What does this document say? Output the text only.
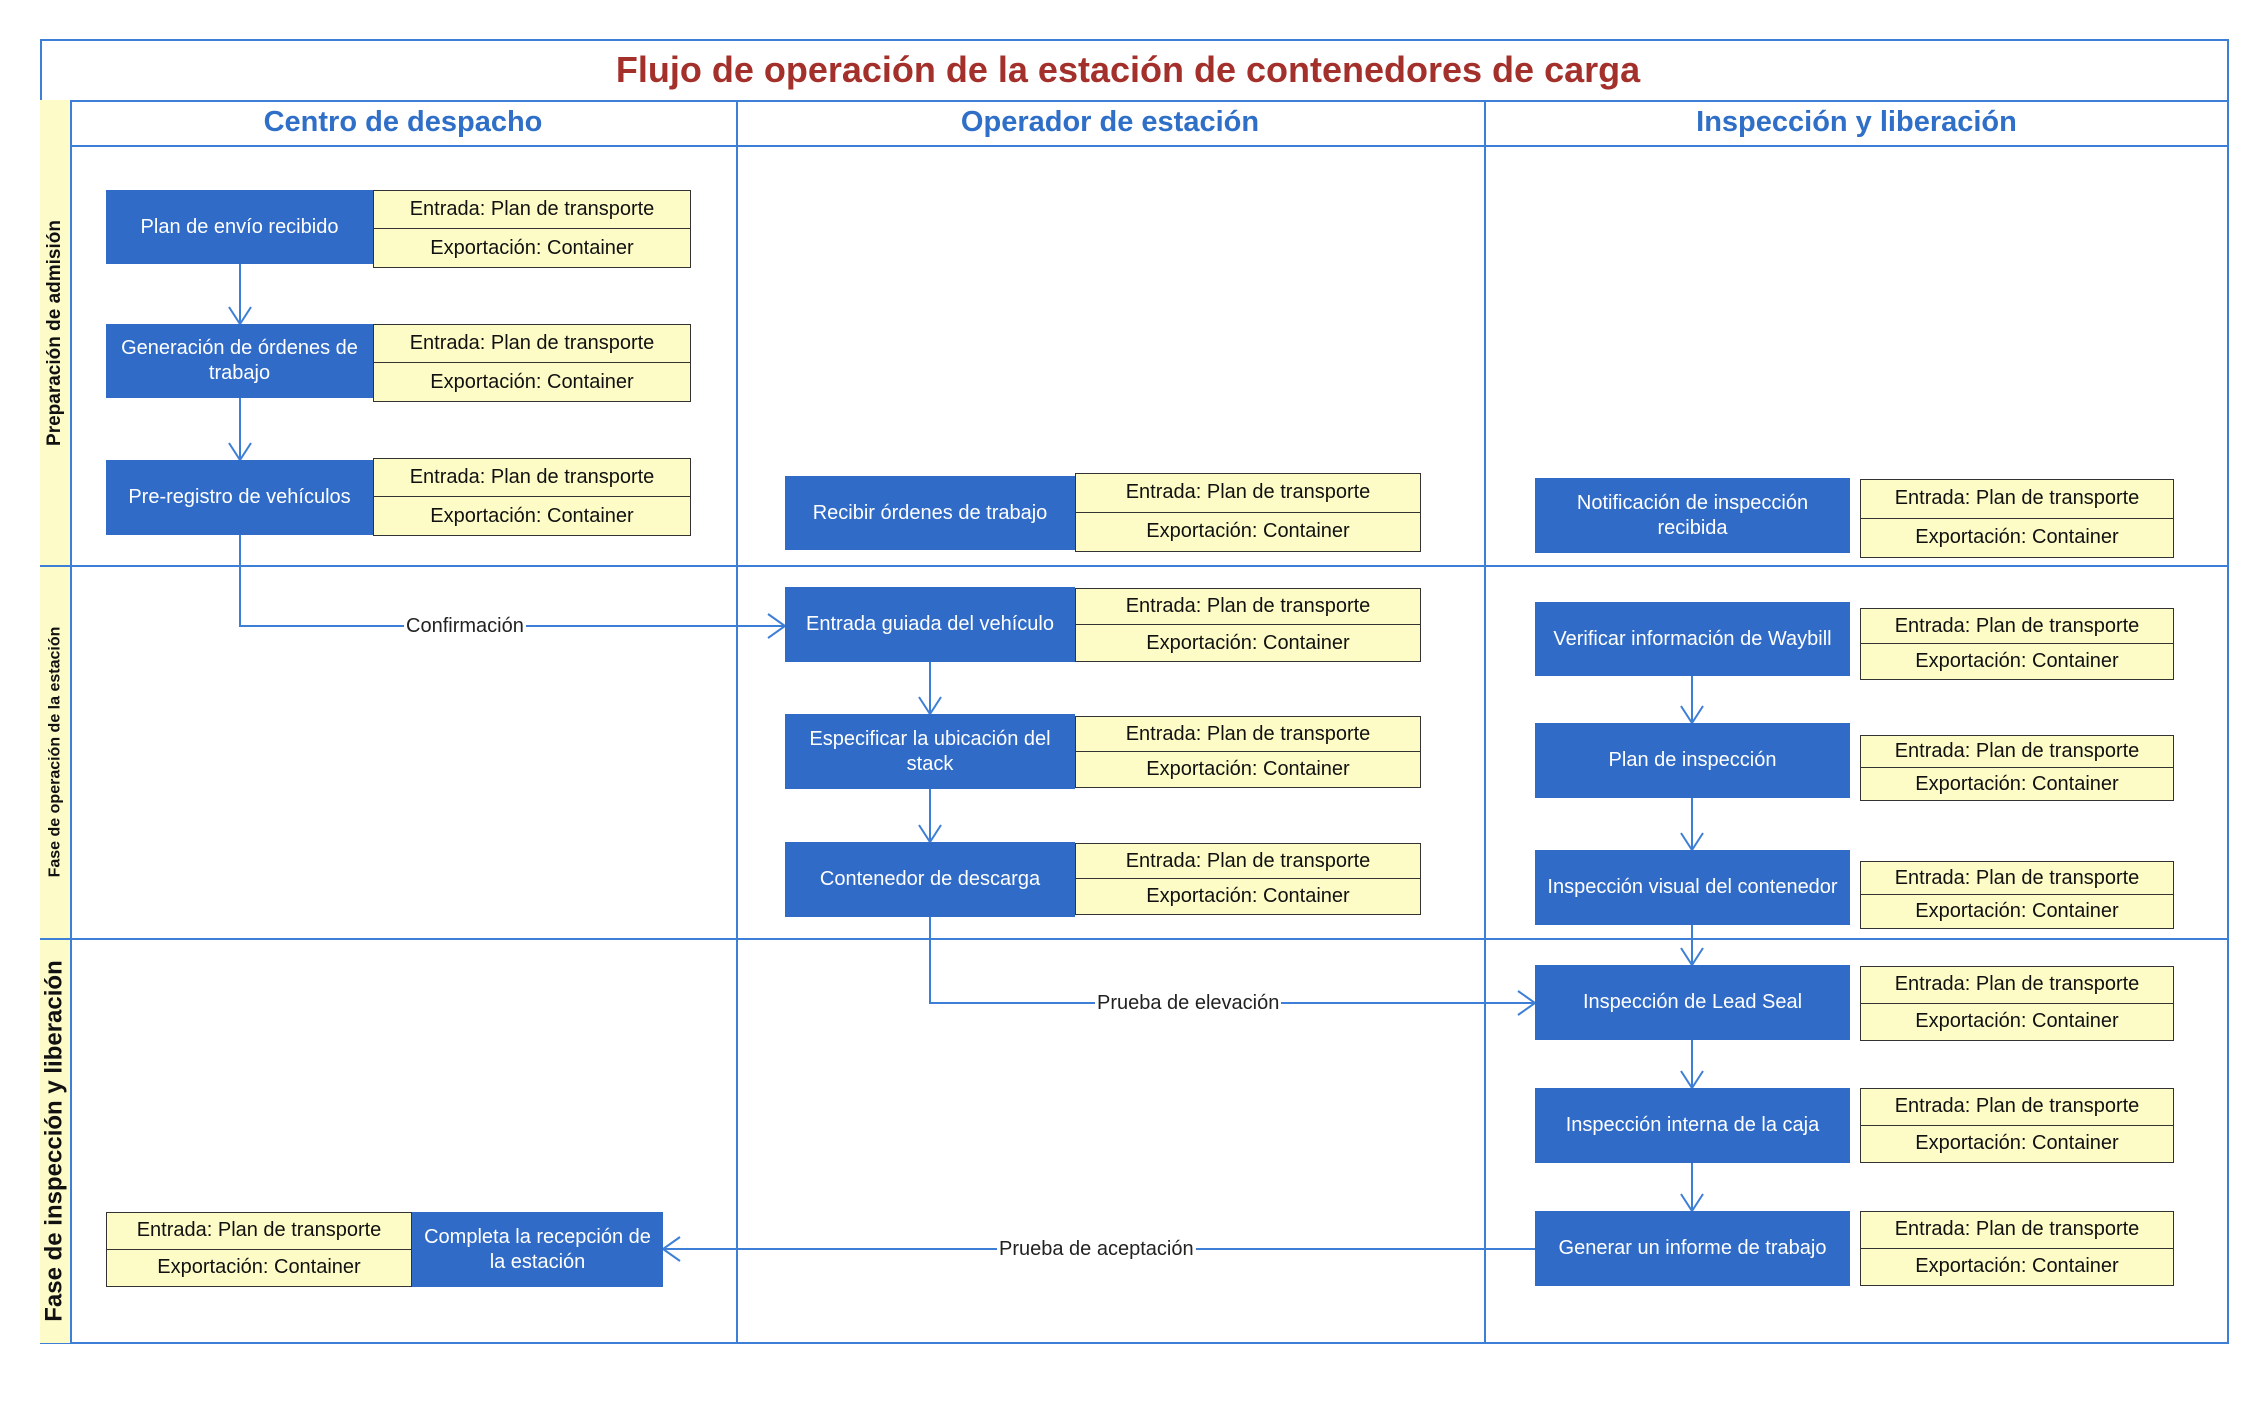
Flujo de operación de la estación de contenedores de carga
Centro de despacho	Operador de estación	Inspección y liberación
Preparación de admisión
Fase de operación de la estación
Fase de inspección y liberación
Confirmación
Prueba de elevación
Prueba de aceptación
Plan de envío recibido
Entrada: Plan de transporte
Exportación: Container
Generación de órdenes de trabajo
Entrada: Plan de transporte
Exportación: Container
Pre-registro de vehículos
Entrada: Plan de transporte
Exportación: Container	Recibir órdenes de trabajo
Entrada: Plan de transporte
Exportación: Container
Entrada guiada del vehículo
Entrada: Plan de transporte
Exportación: Container
Especificar la ubicación del stack
Entrada: Plan de transporte
Exportación: Container
Contenedor de descarga
Entrada: Plan de transporte
Exportación: Container
Notificación de inspección recibida
Entrada: Plan de transporte
Exportación: Container
Verificar información de Waybill
Entrada: Plan de transporte
Exportación: Container
Plan de inspección	Entrada: Plan de transporte
Exportación: Container
Inspección visual del contenedor	Entrada: Plan de transporte
Exportación: Container
Inspección de Lead Seal
Entrada: Plan de transporte
Exportación: Container
Inspección interna de la caja
Entrada: Plan de transporte
Exportación: Container
Generar un informe de trabajo
Entrada: Plan de transporte
Exportación: Container
Entrada: Plan de transporte
Exportación: Container
Completa la recepción de la estación
